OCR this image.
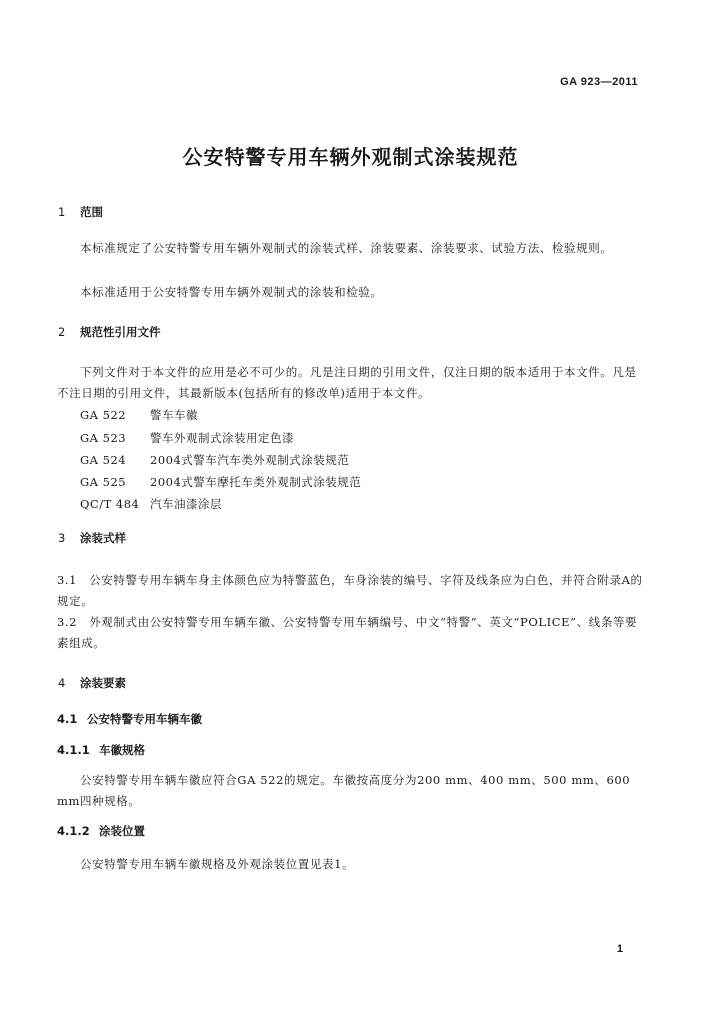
GA 923—2011
公安特警专用车辆外观制式涂装规范
1 范围
本标准规定了公安特警专用车辆外观制式的涂装式样、涂装要素、涂装要求、试验方法、检验规则。
本标准适用于公安特警专用车辆外观制式的涂装和检验。
2 规范性引用文件
下列文件对于本文件的应用是必不可少的。凡是注日期的引用文件，仅注日期的版本适用于本文件。凡是不注日期的引用文件，其最新版本(包括所有的修改单)适用于本文件。
GA 522 警车车徽
GA 523 警车外观制式涂装用定色漆
GA 524 2004式警车汽车类外观制式涂装规范
GA 525 2004式警车摩托车类外观制式涂装规范
QC/T 484 汽车油漆涂层
3 涂装式样
3.1　公安特警专用车辆车身主体颜色应为特警蓝色，车身涂装的编号、字符及线条应为白色，并符合附录A的规定。
3.2　外观制式由公安特警专用车辆车徽、公安特警专用车辆编号、中文“特警”、英文“POLICE”、线条等要素组成。
4 涂装要素
4.1 公安特警专用车辆车徽
4.1.1 车徽规格
公安特警专用车辆车徽应符合GA 522的规定。车徽按高度分为200 mm、400 mm、500 mm、600 mm四种规格。
4.1.2 涂装位置
公安特警专用车辆车徽规格及外观涂装位置见表1。
1
